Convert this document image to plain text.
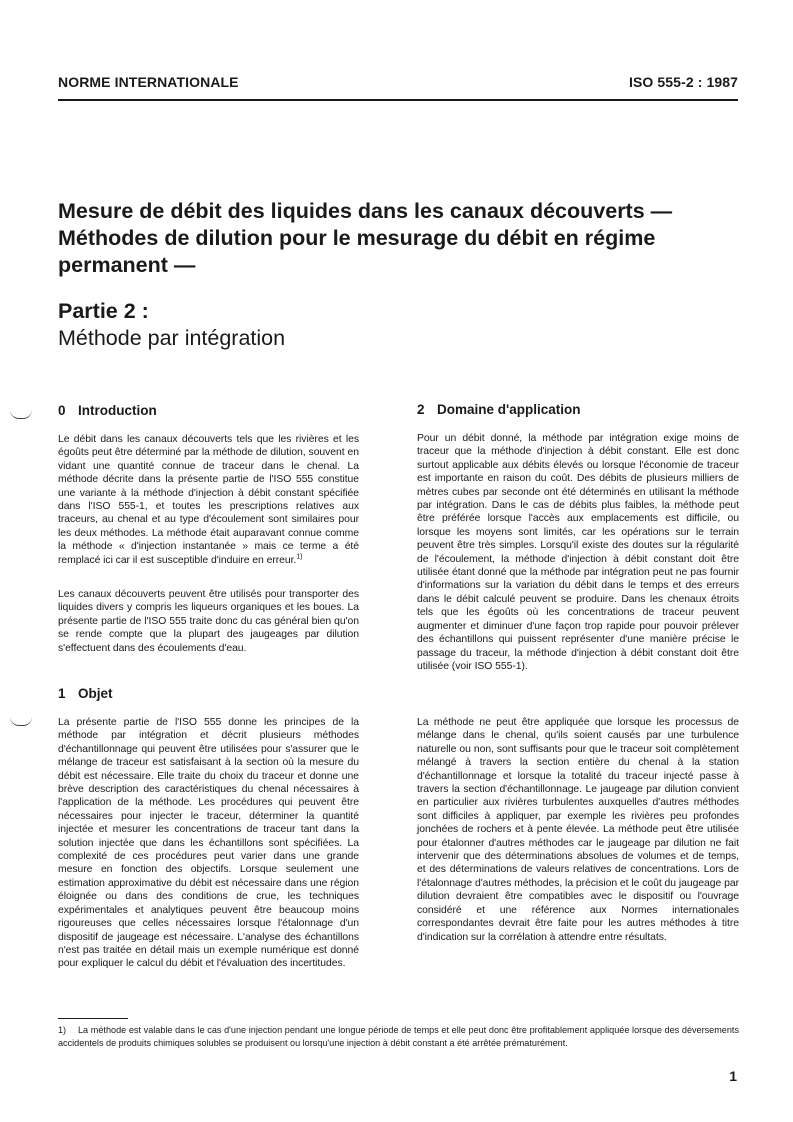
NORME INTERNATIONALE	ISO 555-2 : 1987
Mesure de débit des liquides dans les canaux découverts — Méthodes de dilution pour le mesurage du débit en régime permanent —
Partie 2 :
Méthode par intégration
0 Introduction

Le débit dans les canaux découverts tels que les rivières et les égoûts peut être déterminé par la méthode de dilution, souvent en vidant une quantité connue de traceur dans le chenal. La méthode décrite dans la présente partie de l'ISO 555 constitue une variante à la méthode d'injection à débit constant spécifiée dans l'ISO 555-1, et toutes les prescriptions relatives aux traceurs, au chenal et au type d'écoulement sont similaires pour les deux méthodes. La méthode était auparavant connue comme la méthode « d'injection instantanée » mais ce terme a été remplacé ici car il est susceptible d'induire en erreur.$^{1)}$

Les canaux découverts peuvent être utilisés pour transporter des liquides divers y compris les liqueurs organiques et les boues. La présente partie de l'ISO 555 traite donc du cas général bien qu'on se rende compte que la plupart des jaugeages par dilution s'effectuent dans des écoulements d'eau.

1 Objet

La présente partie de l'ISO 555 donne les principes de la méthode par intégration et décrit plusieurs méthodes d'échantillonnage qui peuvent être utilisées pour s'assurer que le mélange de traceur est satisfaisant à la section où la mesure du débit est nécessaire. Elle traite du choix du traceur et donne une brève description des caractéristiques du chenal nécessaires à l'application de la méthode. Les procédures qui peuvent être nécessaires pour injecter le traceur, déterminer la quantité injectée et mesurer les concentrations de traceur tant dans la solution injectée que dans les échantillons sont spécifiées. La complexité de ces procédures peut varier dans une grande mesure en fonction des objectifs. Lorsque seulement une estimation approximative du débit est nécessaire dans une région éloignée ou dans des conditions de crue, les techniques expérimentales et analytiques peuvent être beaucoup moins rigoureuses que celles nécessaires lorsque l'étalonnage d'un dispositif de jaugeage est nécessaire. L'analyse des échantillons n'est pas traitée en détail mais un exemple numérique est donné pour expliquer le calcul du débit et l'évaluation des incertitudes.

2 Domaine d'application

Pour un débit donné, la méthode par intégration exige moins de traceur que la méthode d'injection à débit constant. Elle est donc surtout applicable aux débits élevés ou lorsque l'économie de traceur est importante en raison du coût. Des débits de plusieurs milliers de mètres cubes par seconde ont été déterminés en utilisant la méthode par intégration. Dans le cas de débits plus faibles, la méthode peut être préférée lorsque l'accès aux emplacements est difficile, ou lorsque les moyens sont limités, car les opérations sur le terrain peuvent être très simples. Lorsqu'il existe des doutes sur la régularité de l'écoulement, la méthode d'injection à débit constant doit être utilisée étant donné que la méthode par intégration peut ne pas fournir d'informations sur la variation du débit dans le temps et des erreurs dans le débit calculé peuvent se produire. Dans les chenaux étroits tels que les égoûts où les concentrations de traceur peuvent augmenter et diminuer d'une façon trop rapide pour pouvoir prélever des échantillons qui puissent représenter d'une manière précise le passage du traceur, la méthode d'injection à débit constant doit être utilisée (voir ISO 555-1).

La méthode ne peut être appliquée que lorsque les processus de mélange dans le chenal, qu'ils soient causés par une turbulence naturelle ou non, sont suffisants pour que le traceur soit complètement mélangé à travers la section entière du chenal à la station d'échantillonnage et lorsque la totalité du traceur injecté passe à travers la section d'échantillonnage. Le jaugeage par dilution convient en particulier aux rivières turbulentes auxquelles d'autres méthodes sont difficiles à appliquer, par exemple les rivières peu profondes jonchées de rochers et à pente élevée. La méthode peut être utilisée pour étalonner d'autres méthodes car le jaugeage par dilution ne fait intervenir que des déterminations absolues de volumes et de temps, et des déterminations de valeurs relatives de concentrations. Lors de l'étalonnage d'autres méthodes, la précision et le coût du jaugeage par dilution devraient être compatibles avec le dispositif ou l'ouvrage considéré et une référence aux Normes internationales correspondantes devrait être faite pour les autres méthodes à titre d'indication sur la corrélation à attendre entre résultats.

1) La méthode est valable dans le cas d'une injection pendant une longue période de temps et elle peut donc être profitablement appliquée lorsque des déversements accidentels de produits chimiques solubles se produisent ou lorsqu'une injection à débit constant a été arrêtée prématurément.

1
